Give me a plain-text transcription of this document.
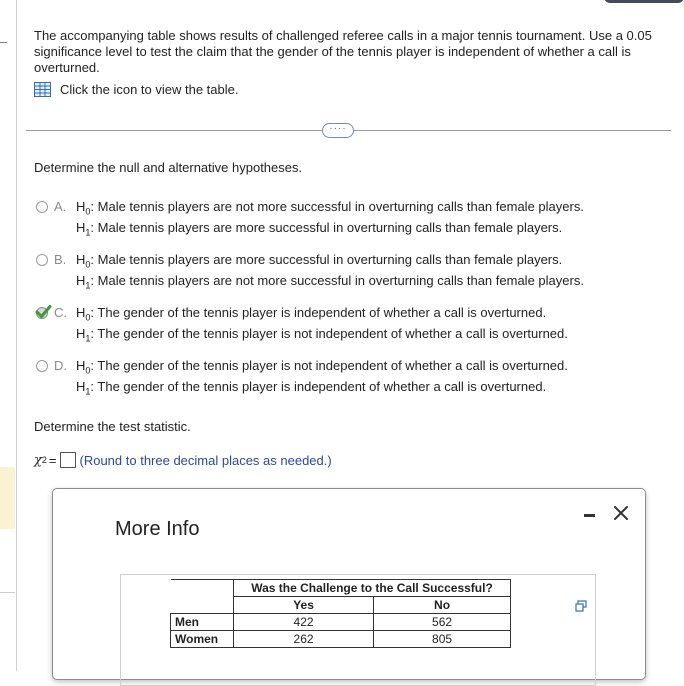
The accompanying table shows results of challenged referee calls in a major tennis tournament. Use a 0.05 significance level to test the claim that the gender of the tennis player is independent of whether a call is overturned.
Click the icon to view the table.
····
Determine the null and alternative hypotheses.
A. $H_0$: Male tennis players are not more successful in overturning calls than female players.
$H_1$: Male tennis players are more successful in overturning calls than female players.
B. $H_0$: Male tennis players are more successful in overturning calls than female players.
$H_1$: Male tennis players are not more successful in overturning calls than female players.
C. $H_0$: The gender of the tennis player is independent of whether a call is overturned.
$H_1$: The gender of the tennis player is not independent of whether a call is overturned.
D. $H_0$: The gender of the tennis player is not independent of whether a call is overturned.
$H_1$: The gender of the tennis player is independent of whether a call is overturned.
Determine the test statistic.
χ 2 = (Round to three decimal places as needed.)
More Info
	Was the Challenge to the Call Successful?	
	Yes	No
Men	422	562
Women	262	805
